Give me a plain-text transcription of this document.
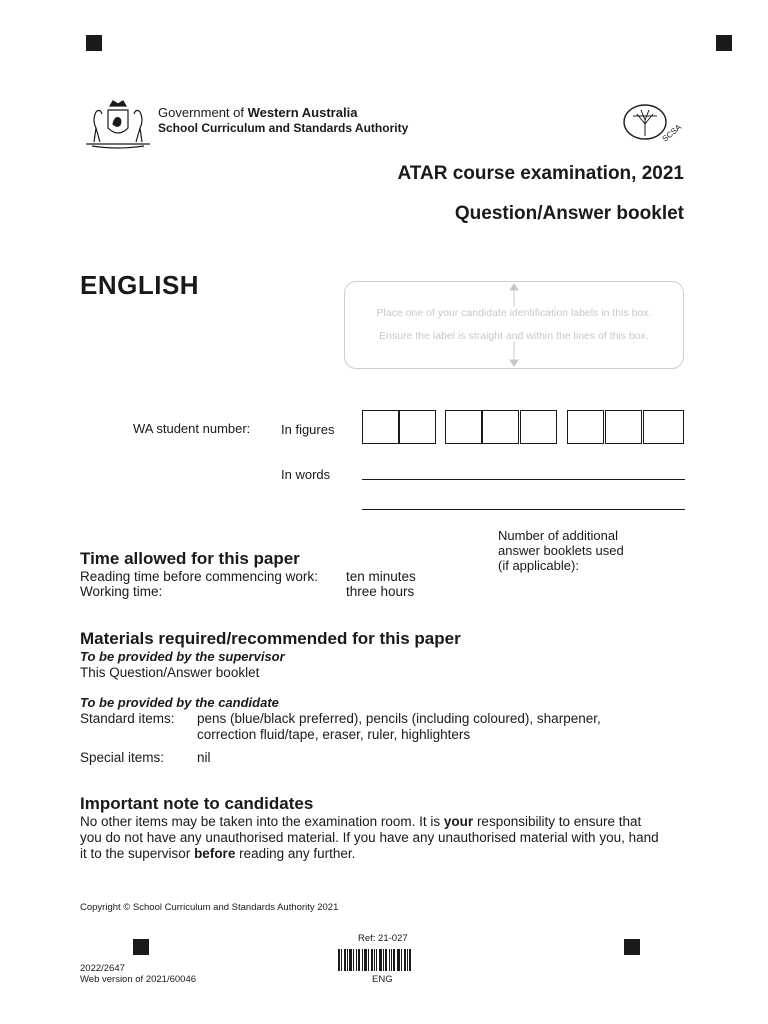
Government of Western Australia
School Curriculum and Standards Authority	SCSA
ATAR course examination, 2021
Question/Answer booklet
ENGLISH
Place one of your candidate identification labels in this box.
Ensure the label is straight and within the lines of this box.
WA student number: In figures
In words
Number of additional
answer booklets used
(if applicable):
Time allowed for this paper
Reading time before commencing work: ten minutes
Working time:	three hours
Materials required/recommended for this paper
To be provided by the supervisor
This Question/Answer booklet
To be provided by the candidate
Standard items: pens (blue/black preferred), pencils (including coloured), sharpener,
correction fluid/tape, eraser, ruler, highlighters
Special items: nil
Important note to candidates
No other items may be taken into the examination room. It is your responsibility to ensure that
you do not have any unauthorised material. If you have any unauthorised material with you, hand
it to the supervisor before reading any further.
Copyright © School Curriculum and Standards Authority 2021
Ref: 21-027
ENG
2022/2647
Web version of 2021/60046
